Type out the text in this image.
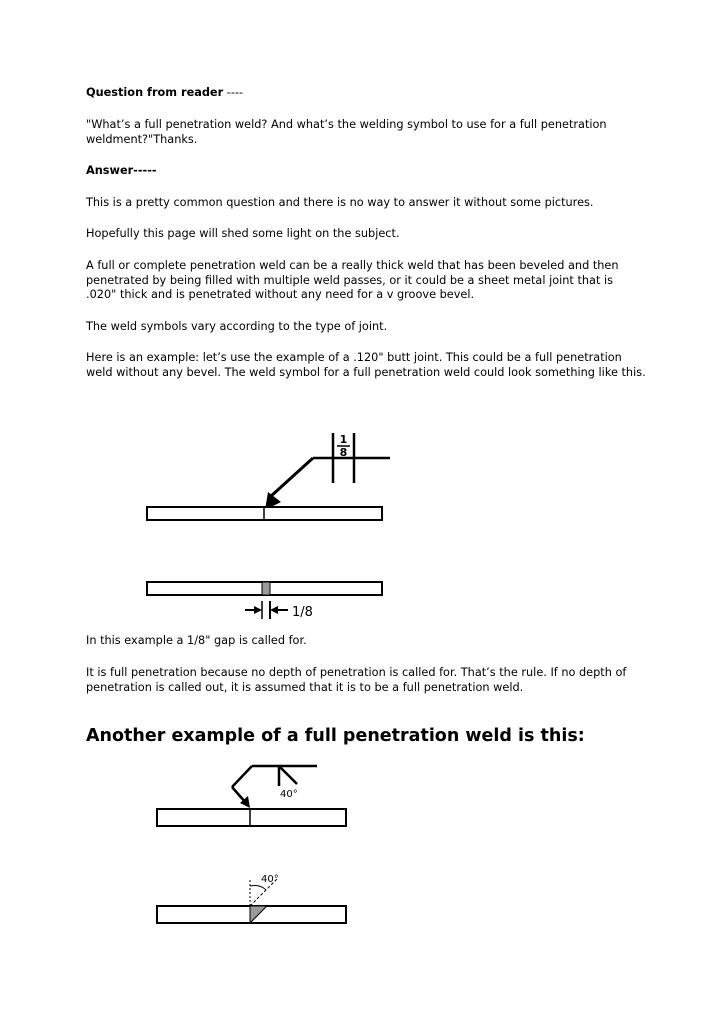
Question from reader ----

"What’s a full penetration weld? And what’s the welding symbol to use for a full penetration weldment?"Thanks.

Answer-----

This is a pretty common question and there is no way to answer it without some pictures.

Hopefully this page will shed some light on the subject.

A full or complete penetration weld can be a really thick weld that has been beveled and then penetrated by being filled with multiple weld passes, or it could be a sheet metal joint that is .020" thick and is penetrated without any need for a v groove bevel.

The weld symbols vary according to the type of joint.

Here is an example: let’s use the example of a .120" butt joint. This could be a full penetration weld without any bevel. The weld symbol for a full penetration weld could look something like this.

1
8
1/8

In this example a 1/8" gap is called for.

It is full penetration because no depth of penetration is called for. That’s the rule. If no depth of penetration is called out, it is assumed that it is to be a full penetration weld.

Another example of a full penetration weld is this:
40°
40°
